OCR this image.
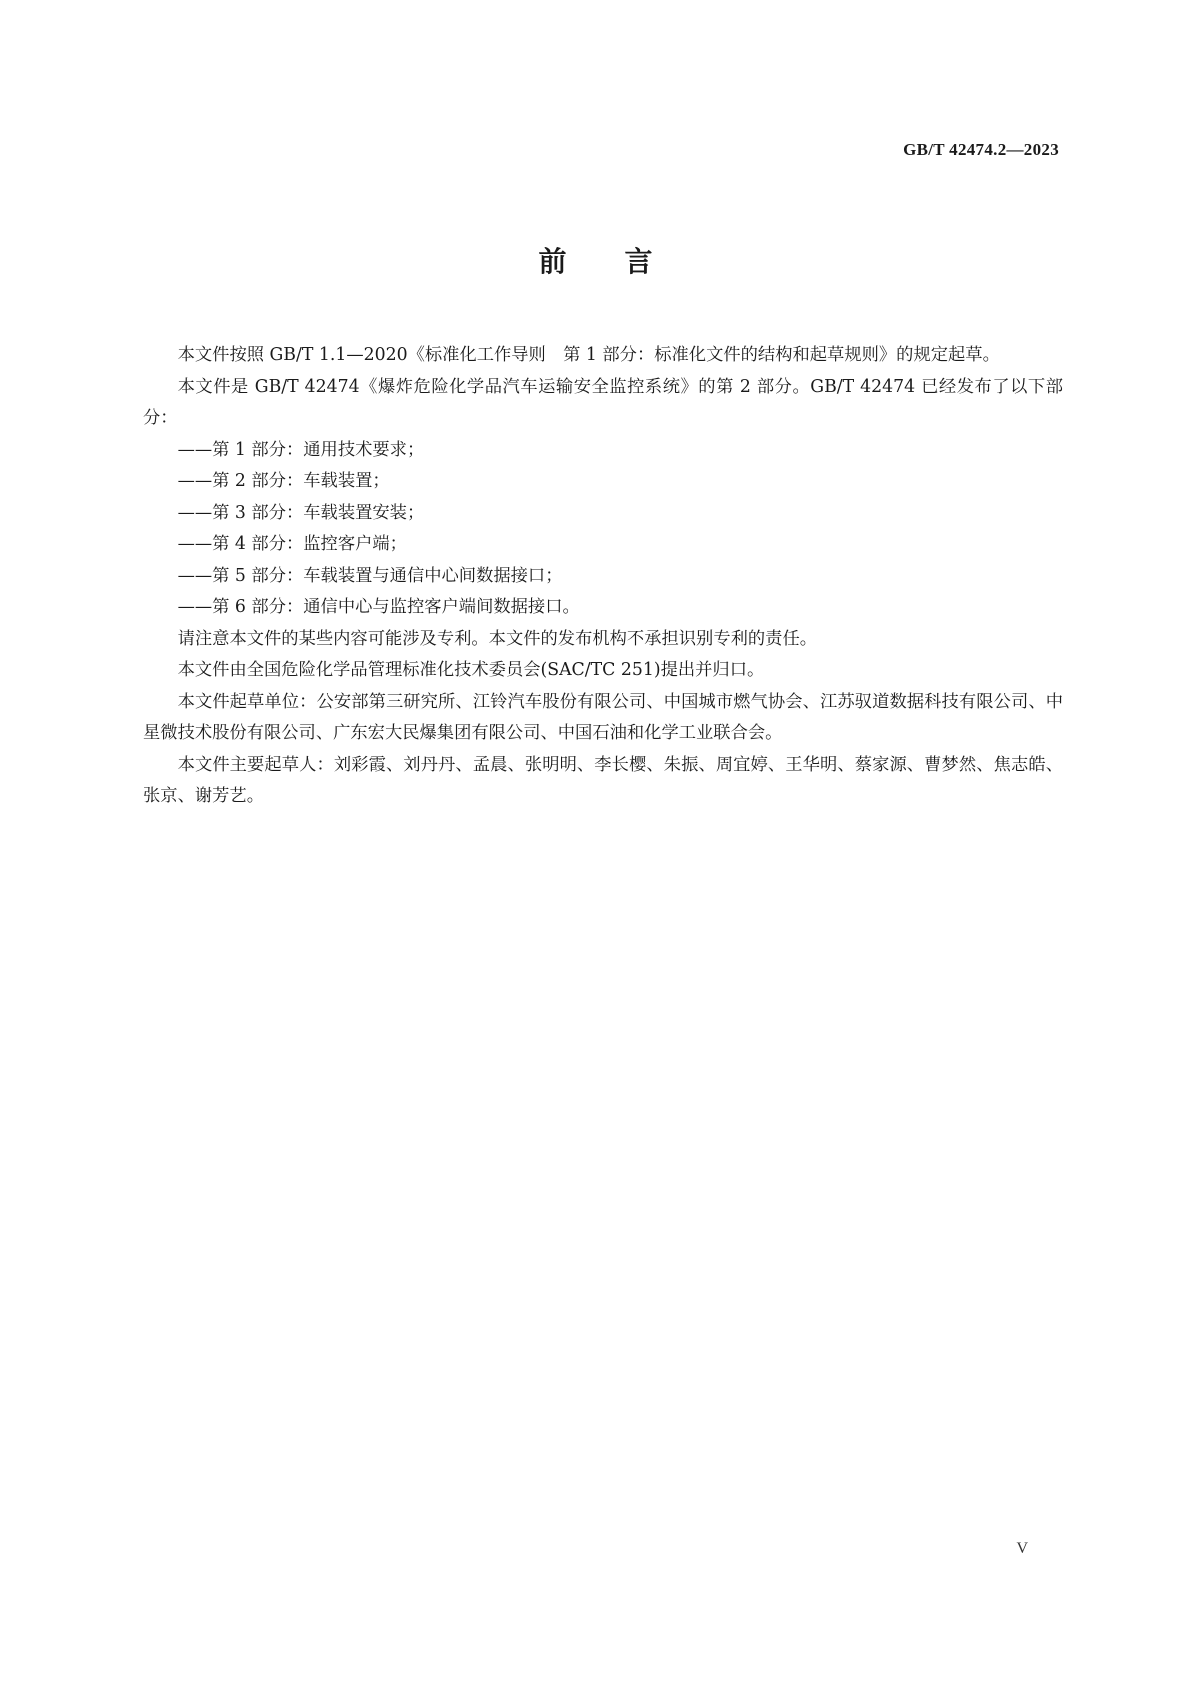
GB/T 42474.2—2023
前 言

本文件按照 GB/T 1.1—2020《标准化工作导则　第 1 部分：标准化文件的结构和起草规则》的规定起草。

本文件是 GB/T 42474《爆炸危险化学品汽车运输安全监控系统》的第 2 部分。GB/T 42474 已经发布了以下部分：

——第 1 部分：通用技术要求；

——第 2 部分：车载装置；

——第 3 部分：车载装置安装；

——第 4 部分：监控客户端；

——第 5 部分：车载装置与通信中心间数据接口；

——第 6 部分：通信中心与监控客户端间数据接口。

请注意本文件的某些内容可能涉及专利。本文件的发布机构不承担识别专利的责任。

本文件由全国危险化学品管理标准化技术委员会(SAC/TC 251)提出并归口。

本文件起草单位：公安部第三研究所、江铃汽车股份有限公司、中国城市燃气协会、江苏驭道数据科技有限公司、中星微技术股份有限公司、广东宏大民爆集团有限公司、中国石油和化学工业联合会。

本文件主要起草人：刘彩霞、刘丹丹、孟晨、张明明、李长樱、朱振、周宜婷、王华明、蔡家源、曹梦然、焦志皓、张京、谢芳艺。

V
